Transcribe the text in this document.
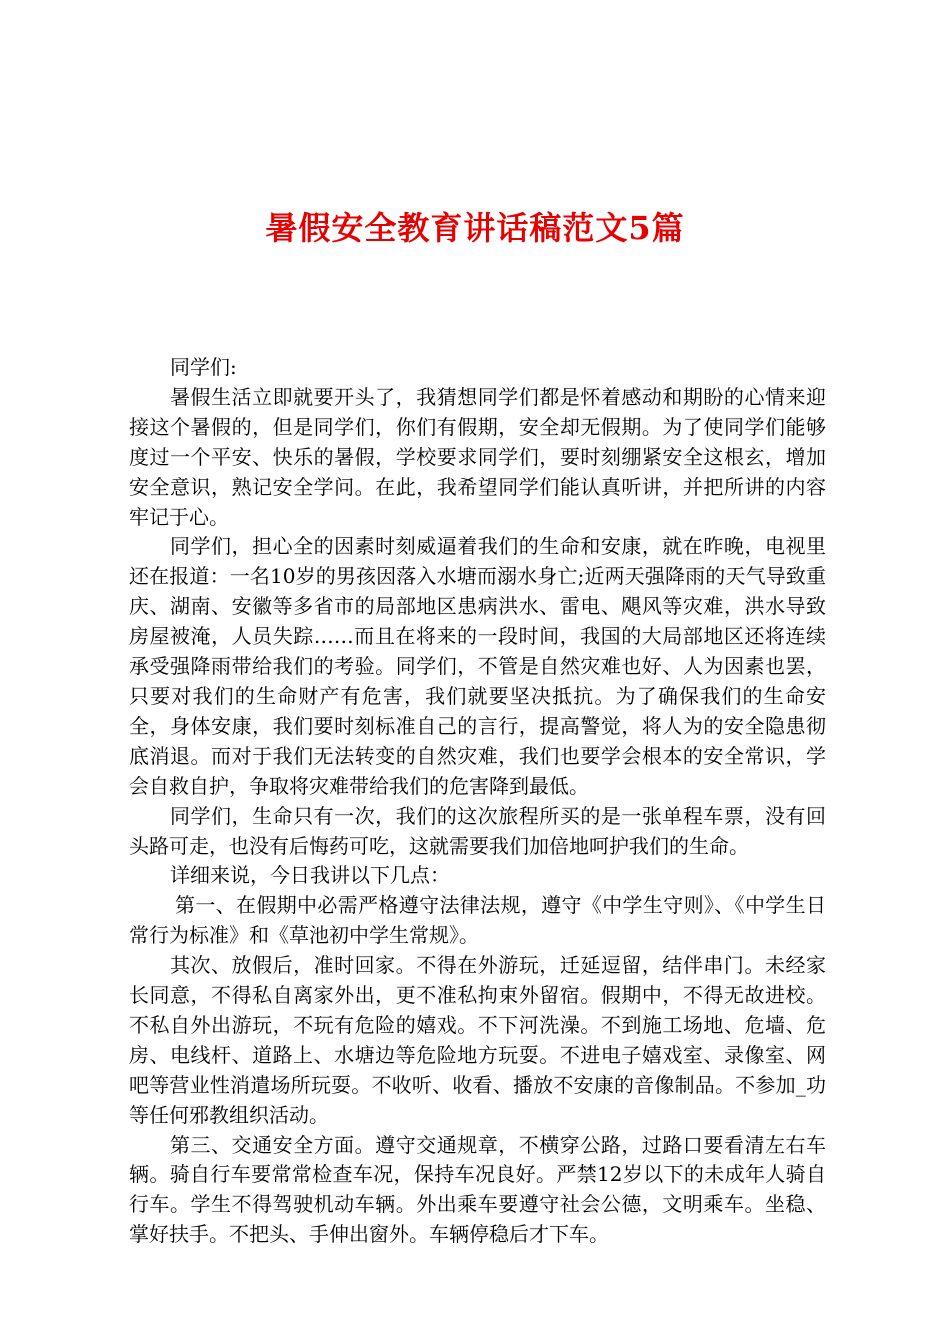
暑假安全教育讲话稿范文5篇

同学们:

暑假生活立即就要开头了，我猜想同学们都是怀着感动和期盼的心情来迎接这个暑假的，但是同学们，你们有假期，安全却无假期。为了使同学们能够度过一个平安、快乐的暑假，学校要求同学们，要时刻绷紧安全这根玄，增加安全意识，熟记安全学问。在此，我希望同学们能认真听讲，并把所讲的内容牢记于心。

同学们，担心全的因素时刻威逼着我们的生命和安康，就在昨晚，电视里还在报道：一名10岁的男孩因落入水塘而溺水身亡;近两天强降雨的天气导致重庆、湖南、安徽等多省市的局部地区患病洪水、雷电、飓风等灾难，洪水导致房屋被淹，人员失踪……而且在将来的一段时间，我国的大局部地区还将连续承受强降雨带给我们的考验。同学们，不管是自然灾难也好、人为因素也罢，只要对我们的生命财产有危害，我们就要坚决抵抗。为了确保我们的生命安全，身体安康，我们要时刻标准自己的言行，提高警觉，将人为的安全隐患彻底消退。而对于我们无法转变的自然灾难，我们也要学会根本的安全常识，学会自救自护，争取将灾难带给我们的危害降到最低。

同学们，生命只有一次，我们的这次旅程所买的是一张单程车票，没有回头路可走，也没有后悔药可吃，这就需要我们加倍地呵护我们的生命。

详细来说，今日我讲以下几点：

第一、在假期中必需严格遵守法律法规，遵守《中学生守则》、《中学生日常行为标准》和《草池初中学生常规》。

其次、放假后，准时回家。不得在外游玩，迁延逗留，结伴串门。未经家长同意，不得私自离家外出，更不准私拘束外留宿。假期中，不得无故进校。不私自外出游玩，不玩有危险的嬉戏。不下河洗澡。不到施工场地、危墙、危房、电线杆、道路上、水塘边等危险地方玩耍。不进电子嬉戏室、录像室、网吧等营业性消遣场所玩耍。不收听、收看、播放不安康的音像制品。不参加_功等任何邪教组织活动。

第三、交通安全方面。遵守交通规章，不横穿公路，过路口要看清左右车辆。骑自行车要常常检查车况，保持车况良好。严禁12岁以下的未成年人骑自行车。学生不得驾驶机动车辆。外出乘车要遵守社会公德，文明乘车。坐稳、掌好扶手。不把头、手伸出窗外。车辆停稳后才下车。
